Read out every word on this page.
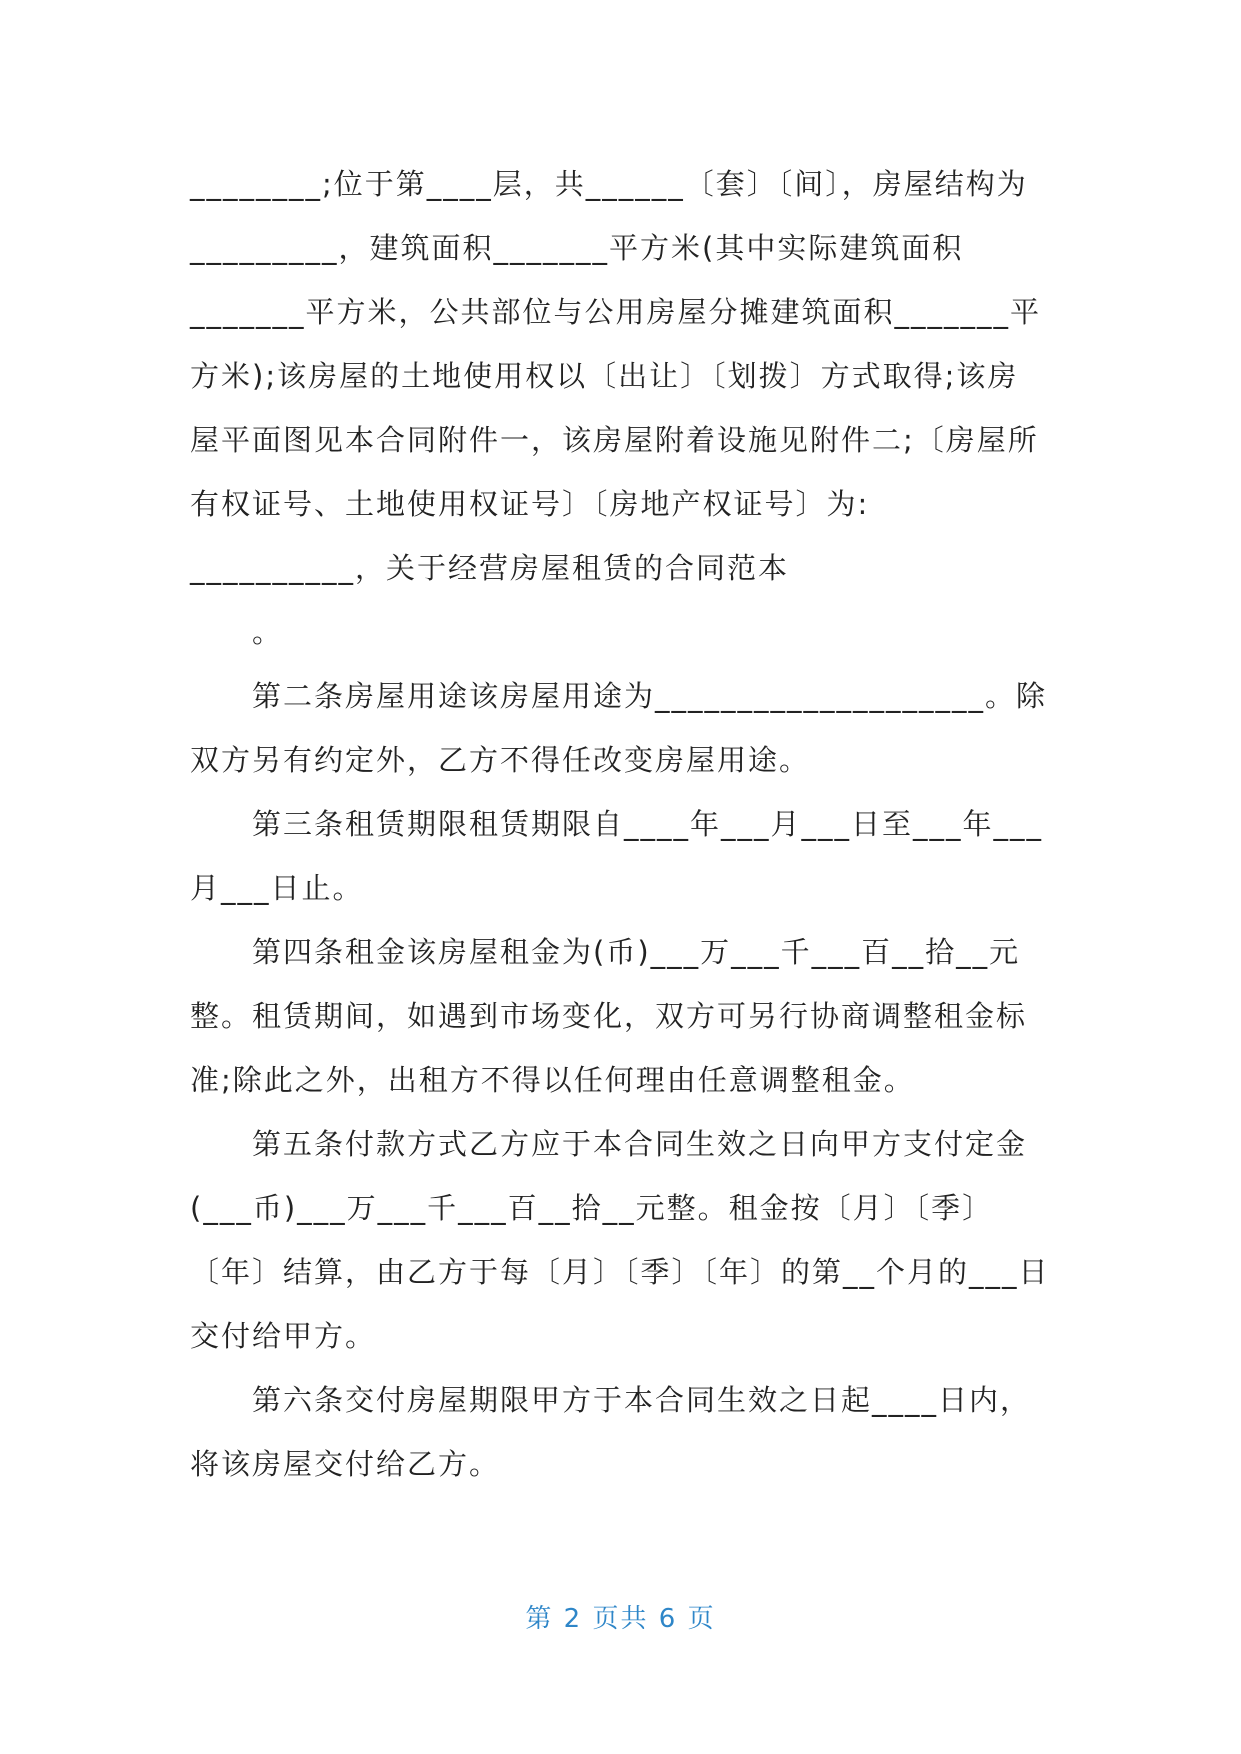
________;位于第____层，共______〔套〕〔间〕，房屋结构为
_________，建筑面积_______平方米(其中实际建筑面积
_______平方米，公共部位与公用房屋分摊建筑面积_______平
方米);该房屋的土地使用权以〔出让〕〔划拨〕方式取得;该房
屋平面图见本合同附件一，该房屋附着设施见附件二;〔房屋所
有权证号、土地使用权证号〕〔房地产权证号〕为:
__________，关于经营房屋租赁的合同范本
。
第二条房屋用途该房屋用途为____________________。除
双方另有约定外，乙方不得任改变房屋用途。
第三条租赁期限租赁期限自____年___月___日至___年___
月___日止。
第四条租金该房屋租金为(币)___万___千___百__拾__元
整。租赁期间，如遇到市场变化，双方可另行协商调整租金标
准;除此之外，出租方不得以任何理由任意调整租金。
第五条付款方式乙方应于本合同生效之日向甲方支付定金
(___币)___万___千___百__拾__元整。租金按〔月〕〔季〕
〔年〕结算，由乙方于每〔月〕〔季〕〔年〕的第__个月的___日
交付给甲方。
第六条交付房屋期限甲方于本合同生效之日起____日内，
将该房屋交付给乙方。
第 2 页共 6 页
